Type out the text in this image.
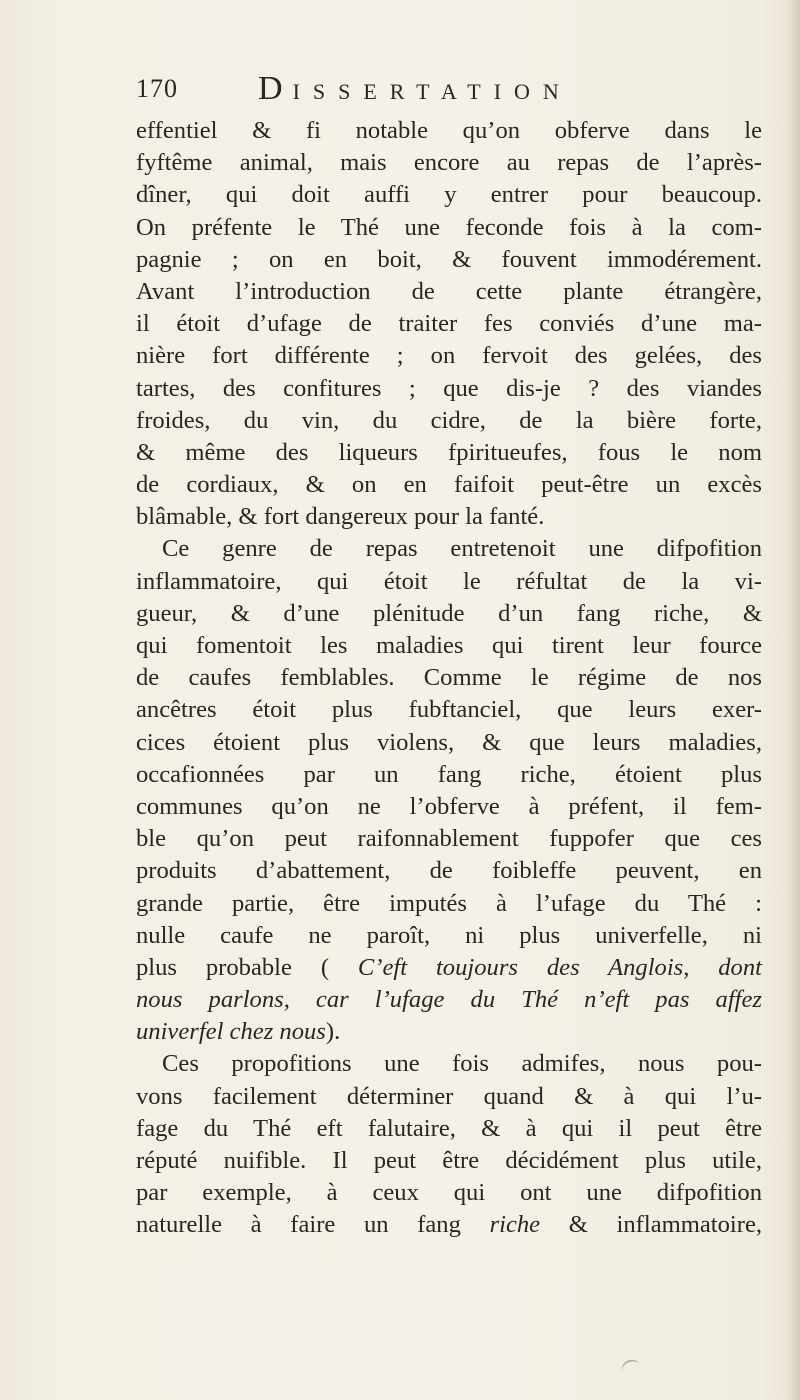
170 DISSERTATION
effentiel & fi notable qu’on obferve dans le
fyftême animal, mais encore au repas de l’après-
dîner, qui doit auffi y entrer pour beaucoup.
On préfente le Thé une feconde fois à la com-
pagnie ; on en boit, & fouvent immodérement.
Avant l’introduction de cette plante étrangère,
il étoit d’ufage de traiter fes conviés d’une ma-
nière fort différente ; on fervoit des gelées, des
tartes, des confitures ; que dis-je ? des viandes
froides, du vin, du cidre, de la bière forte,
& même des liqueurs fpiritueufes, fous le nom
de cordiaux, & on en faifoit peut-être un excès
blâmable, & fort dangereux pour la fanté.
Ce genre de repas entretenoit une difpofition
inflammatoire, qui étoit le réfultat de la vi-
gueur, & d’une plénitude d’un fang riche, &
qui fomentoit les maladies qui tirent leur fource
de caufes femblables. Comme le régime de nos
ancêtres étoit plus fubftanciel, que leurs exer-
cices étoient plus violens, & que leurs maladies,
occafionnées par un fang riche, étoient plus
communes qu’on ne l’obferve à préfent, il fem-
ble qu’on peut raifonnablement fuppofer que ces
produits d’abattement, de foibleffe peuvent, en
grande partie, être imputés à l’ufage du Thé :
nulle caufe ne paroît, ni plus univerfelle, ni
plus probable ( C’eft toujours des Anglois, dont
nous parlons, car l’ufage du Thé n’eft pas affez
univerfel chez nous).
Ces propofitions une fois admifes, nous pou-
vons facilement déterminer quand & à qui l’u-
fage du Thé eft falutaire, & à qui il peut être
réputé nuifible. Il peut être décidément plus utile,
par exemple, à ceux qui ont une difpofition
naturelle à faire un fang riche & inflammatoire,
